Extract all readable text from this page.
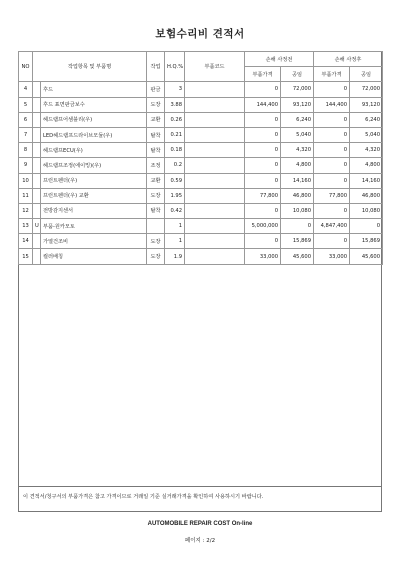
보험수리비 견적서
NO	작업항목 및 부품명		작업	H.Q.%	부품코드	손해 사정전		손해 사정후	
						부품가격	공임	부품가격	공임
4		후드	판금	3		0	72,000	0	72,000
5		후드 표면판금보수	도장	3.88		144,400	93,120	144,400	93,120
6		헤드램프어셈블리(우)	교환	0.26		0	6,240	0	6,240
7		LED헤드램프드라이브모듈(우)	탈착	0.21		0	5,040	0	5,040
8		헤드램프ECU(우)	탈착	0.18		0	4,320	0	4,320
9		헤드램프조정(에이밍)(우)	조정	0.2		0	4,800	0	4,800
10		프런트펜더(우)	교환	0.59		0	14,160	0	14,160
11		프런트펜더(우) 교환	도장	1.95		77,800	46,800	77,800	46,800
12		전방감지센서	탈착	0.42		0	10,080	0	10,080
13	U	부품-원카모토		1		5,000,000	0	4,847,400	0
14		가열건조비	도장	1		0	15,869	0	15,869
15		컬러배칭	도장	1.9		33,000	45,600	33,000	45,600
이 견적서/청구서의 부품가격은 참고 가격이므로 거래일 기준 실거래가격을 확인하여 사용하시기 바랍니다.
AUTOMOBILE REPAIR COST On-line
페이지 : 2/2
